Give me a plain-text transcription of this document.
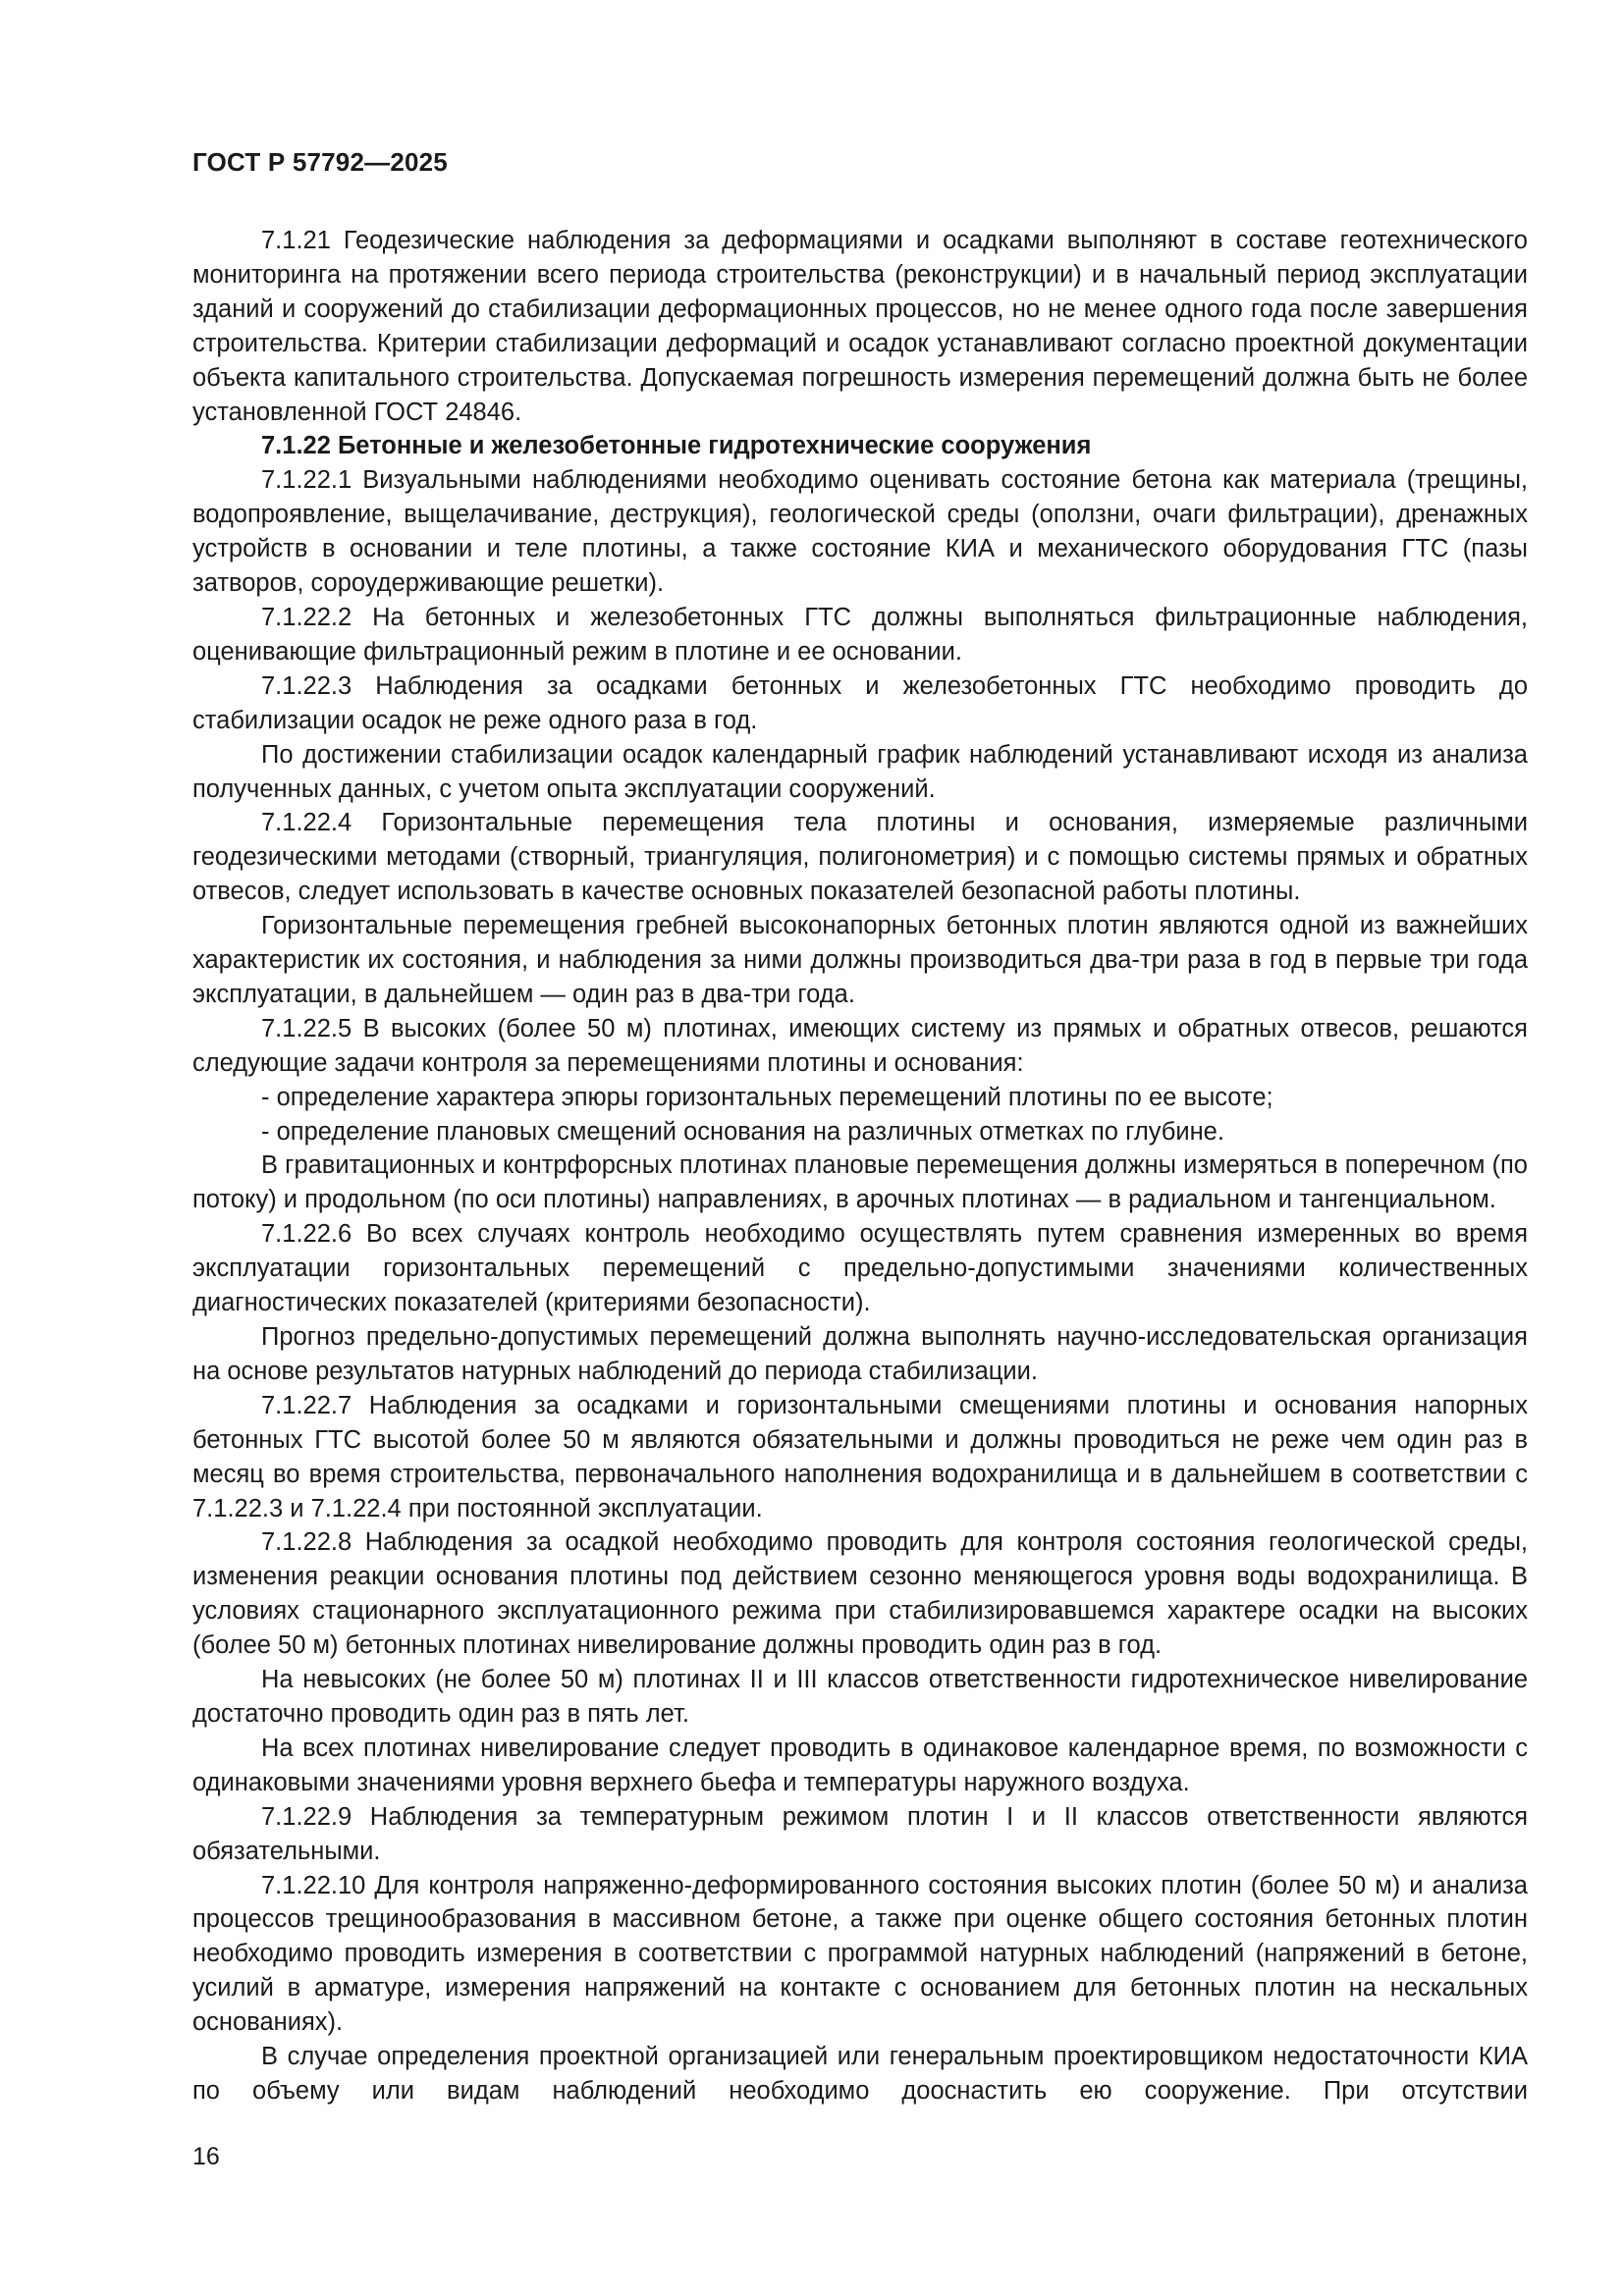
ГОСТ Р 57792—2025

7.1.21 Геодезические наблюдения за деформациями и осадками выполняют в составе геотехнического мониторинга на протяжении всего периода строительства (реконструкции) и в начальный период эксплуатации зданий и сооружений до стабилизации деформационных процессов, но не менее одного года после завершения строительства. Критерии стабилизации деформаций и осадок устанавливают согласно проектной документации объекта капитального строительства. Допускаемая погрешность измерения перемещений должна быть не более установленной ГОСТ 24846.

7.1.22 Бетонные и железобетонные гидротехнические сооружения

7.1.22.1 Визуальными наблюдениями необходимо оценивать состояние бетона как материала (трещины, водопроявление, выщелачивание, деструкция), геологической среды (оползни, очаги фильтрации), дренажных устройств в основании и теле плотины, а также состояние КИА и механического оборудования ГТС (пазы затворов, сороудерживающие решетки).

7.1.22.2 На бетонных и железобетонных ГТС должны выполняться фильтрационные наблюдения, оценивающие фильтрационный режим в плотине и ее основании.

7.1.22.3 Наблюдения за осадками бетонных и железобетонных ГТС необходимо проводить до стабилизации осадок не реже одного раза в год.

По достижении стабилизации осадок календарный график наблюдений устанавливают исходя из анализа полученных данных, с учетом опыта эксплуатации сооружений.

7.1.22.4 Горизонтальные перемещения тела плотины и основания, измеряемые различными геодезическими методами (створный, триангуляция, полигонометрия) и с помощью системы прямых и обратных отвесов, следует использовать в качестве основных показателей безопасной работы плотины.

Горизонтальные перемещения гребней высоконапорных бетонных плотин являются одной из важнейших характеристик их состояния, и наблюдения за ними должны производиться два-три раза в год в первые три года эксплуатации, в дальнейшем — один раз в два-три года.

7.1.22.5 В высоких (более 50 м) плотинах, имеющих систему из прямых и обратных отвесов, решаются следующие задачи контроля за перемещениями плотины и основания:

- определение характера эпюры горизонтальных перемещений плотины по ее высоте;

- определение плановых смещений основания на различных отметках по глубине.

В гравитационных и контрфорсных плотинах плановые перемещения должны измеряться в поперечном (по потоку) и продольном (по оси плотины) направлениях, в арочных плотинах — в радиальном и тангенциальном.

7.1.22.6 Во всех случаях контроль необходимо осуществлять путем сравнения измеренных во время эксплуатации горизонтальных перемещений с предельно-допустимыми значениями количественных диагностических показателей (критериями безопасности).

Прогноз предельно-допустимых перемещений должна выполнять научно-исследовательская организация на основе результатов натурных наблюдений до периода стабилизации.

7.1.22.7 Наблюдения за осадками и горизонтальными смещениями плотины и основания напорных бетонных ГТС высотой более 50 м являются обязательными и должны проводиться не реже чем один раз в месяц во время строительства, первоначального наполнения водохранилища и в дальнейшем в соответствии с 7.1.22.3 и 7.1.22.4 при постоянной эксплуатации.

7.1.22.8 Наблюдения за осадкой необходимо проводить для контроля состояния геологической среды, изменения реакции основания плотины под действием сезонно меняющегося уровня воды водохранилища. В условиях стационарного эксплуатационного режима при стабилизировавшемся характере осадки на высоких (более 50 м) бетонных плотинах нивелирование должны проводить один раз в год.

На невысоких (не более 50 м) плотинах II и III классов ответственности гидротехническое нивелирование достаточно проводить один раз в пять лет.

На всех плотинах нивелирование следует проводить в одинаковое календарное время, по возможности с одинаковыми значениями уровня верхнего бьефа и температуры наружного воздуха.

7.1.22.9 Наблюдения за температурным режимом плотин I и II классов ответственности являются обязательными.

7.1.22.10 Для контроля напряженно-деформированного состояния высоких плотин (более 50 м) и анализа процессов трещинообразования в массивном бетоне, а также при оценке общего состояния бетонных плотин необходимо проводить измерения в соответствии с программой натурных наблюдений (напряжений в бетоне, усилий в арматуре, измерения напряжений на контакте с основанием для бетонных плотин на нескальных основаниях).

В случае определения проектной организацией или генеральным проектировщиком недостаточности КИА по объему или видам наблюдений необходимо дооснастить ею сооружение. При отсутствии

16
